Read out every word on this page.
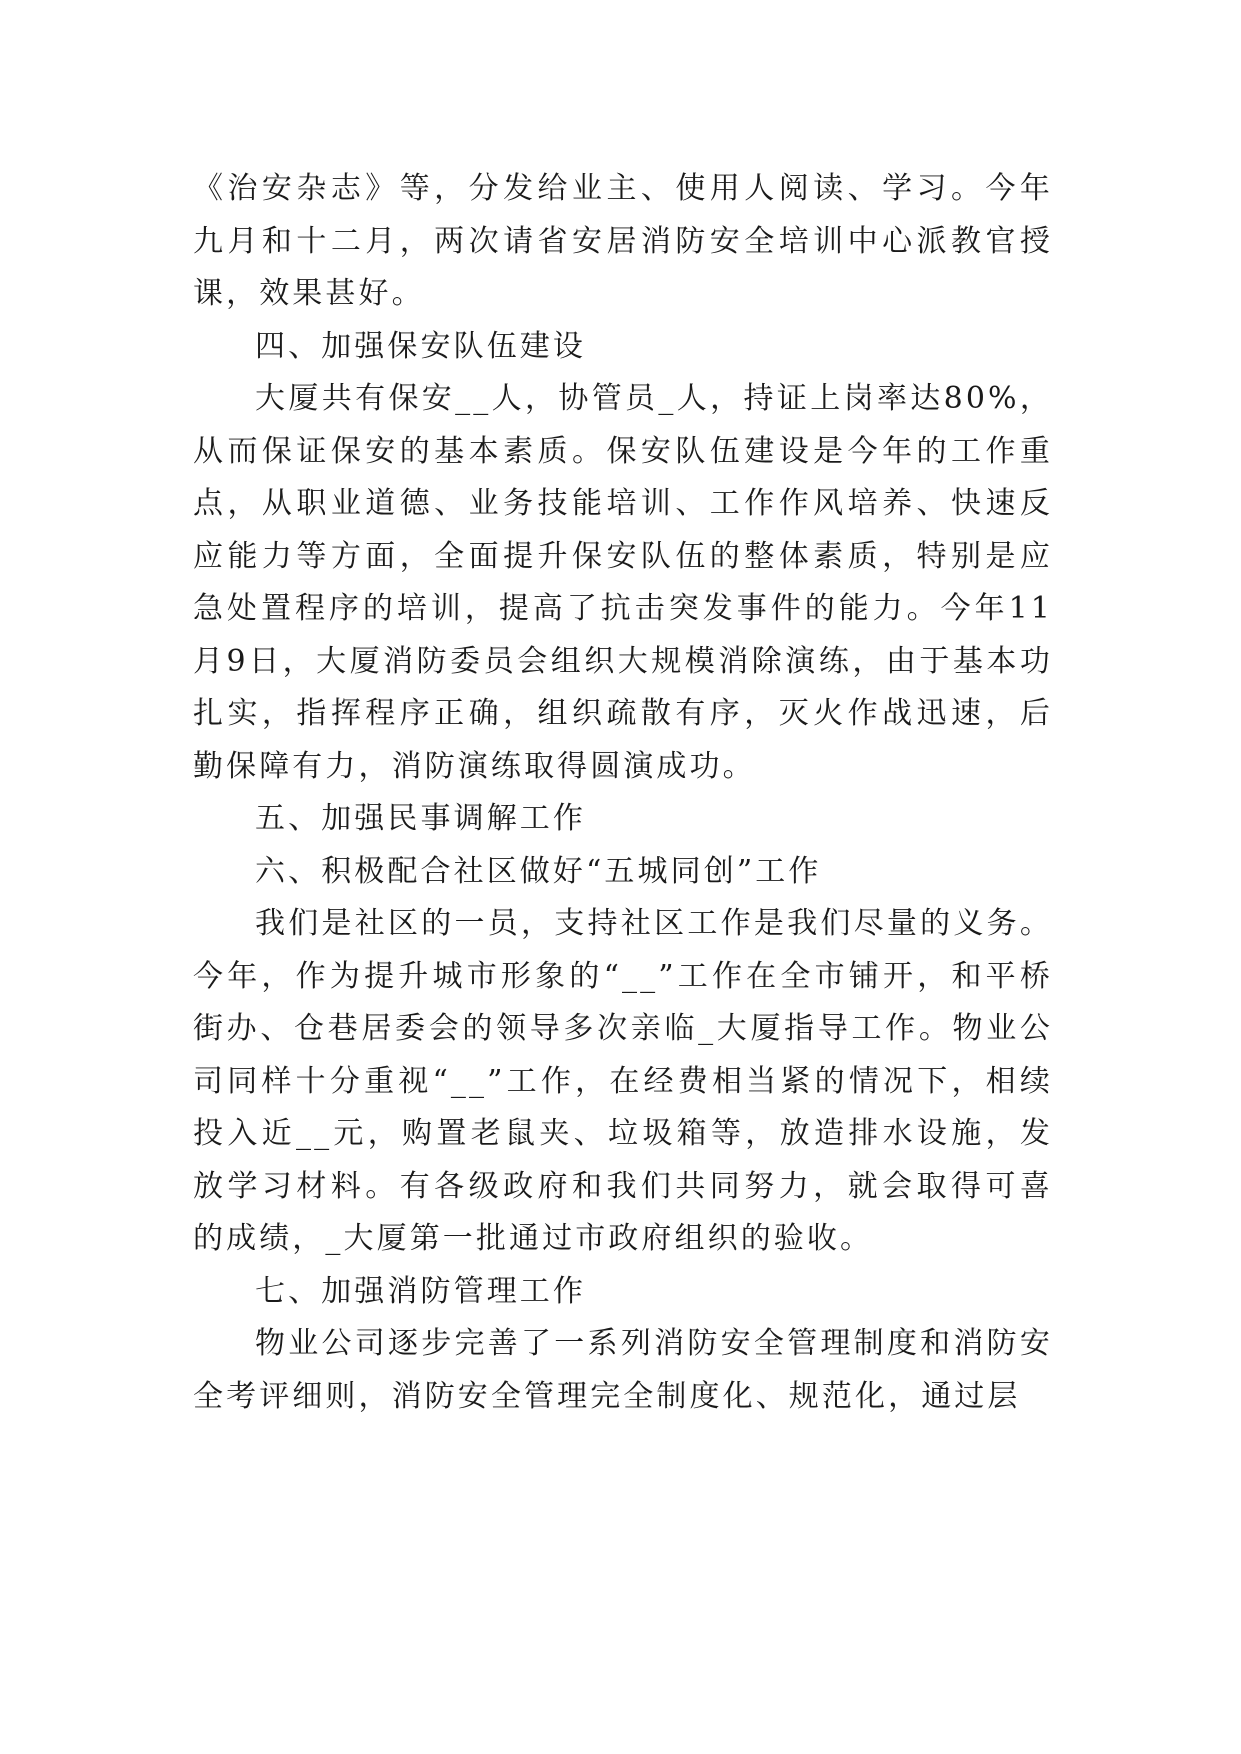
《治安杂志》等，分发给业主、使用人阅读、学习。今年九月和十二月，两次请省安居消防安全培训中心派教官授课，效果甚好。

四、加强保安队伍建设

大厦共有保安__人，协管员_人，持证上岗率达80%，从而保证保安的基本素质。保安队伍建设是今年的工作重点，从职业道德、业务技能培训、工作作风培养、快速反应能力等方面，全面提升保安队伍的整体素质，特别是应急处置程序的培训，提高了抗击突发事件的能力。今年11月9日，大厦消防委员会组织大规模消除演练，由于基本功扎实，指挥程序正确，组织疏散有序，灭火作战迅速，后勤保障有力，消防演练取得圆演成功。

五、加强民事调解工作

六、积极配合社区做好“五城同创”工作

我们是社区的一员，支持社区工作是我们尽量的义务。今年，作为提升城市形象的“__”工作在全市铺开，和平桥街办、仓巷居委会的领导多次亲临_大厦指导工作。物业公司同样十分重视“__”工作，在经费相当紧的情况下，相续投入近__元，购置老鼠夹、垃圾箱等，放造排水设施，发放学习材料。有各级政府和我们共同努力，就会取得可喜的成绩，_大厦第一批通过市政府组织的验收。

七、加强消防管理工作

物业公司逐步完善了一系列消防安全管理制度和消防安全考评细则，消防安全管理完全制度化、规范化，通过层
